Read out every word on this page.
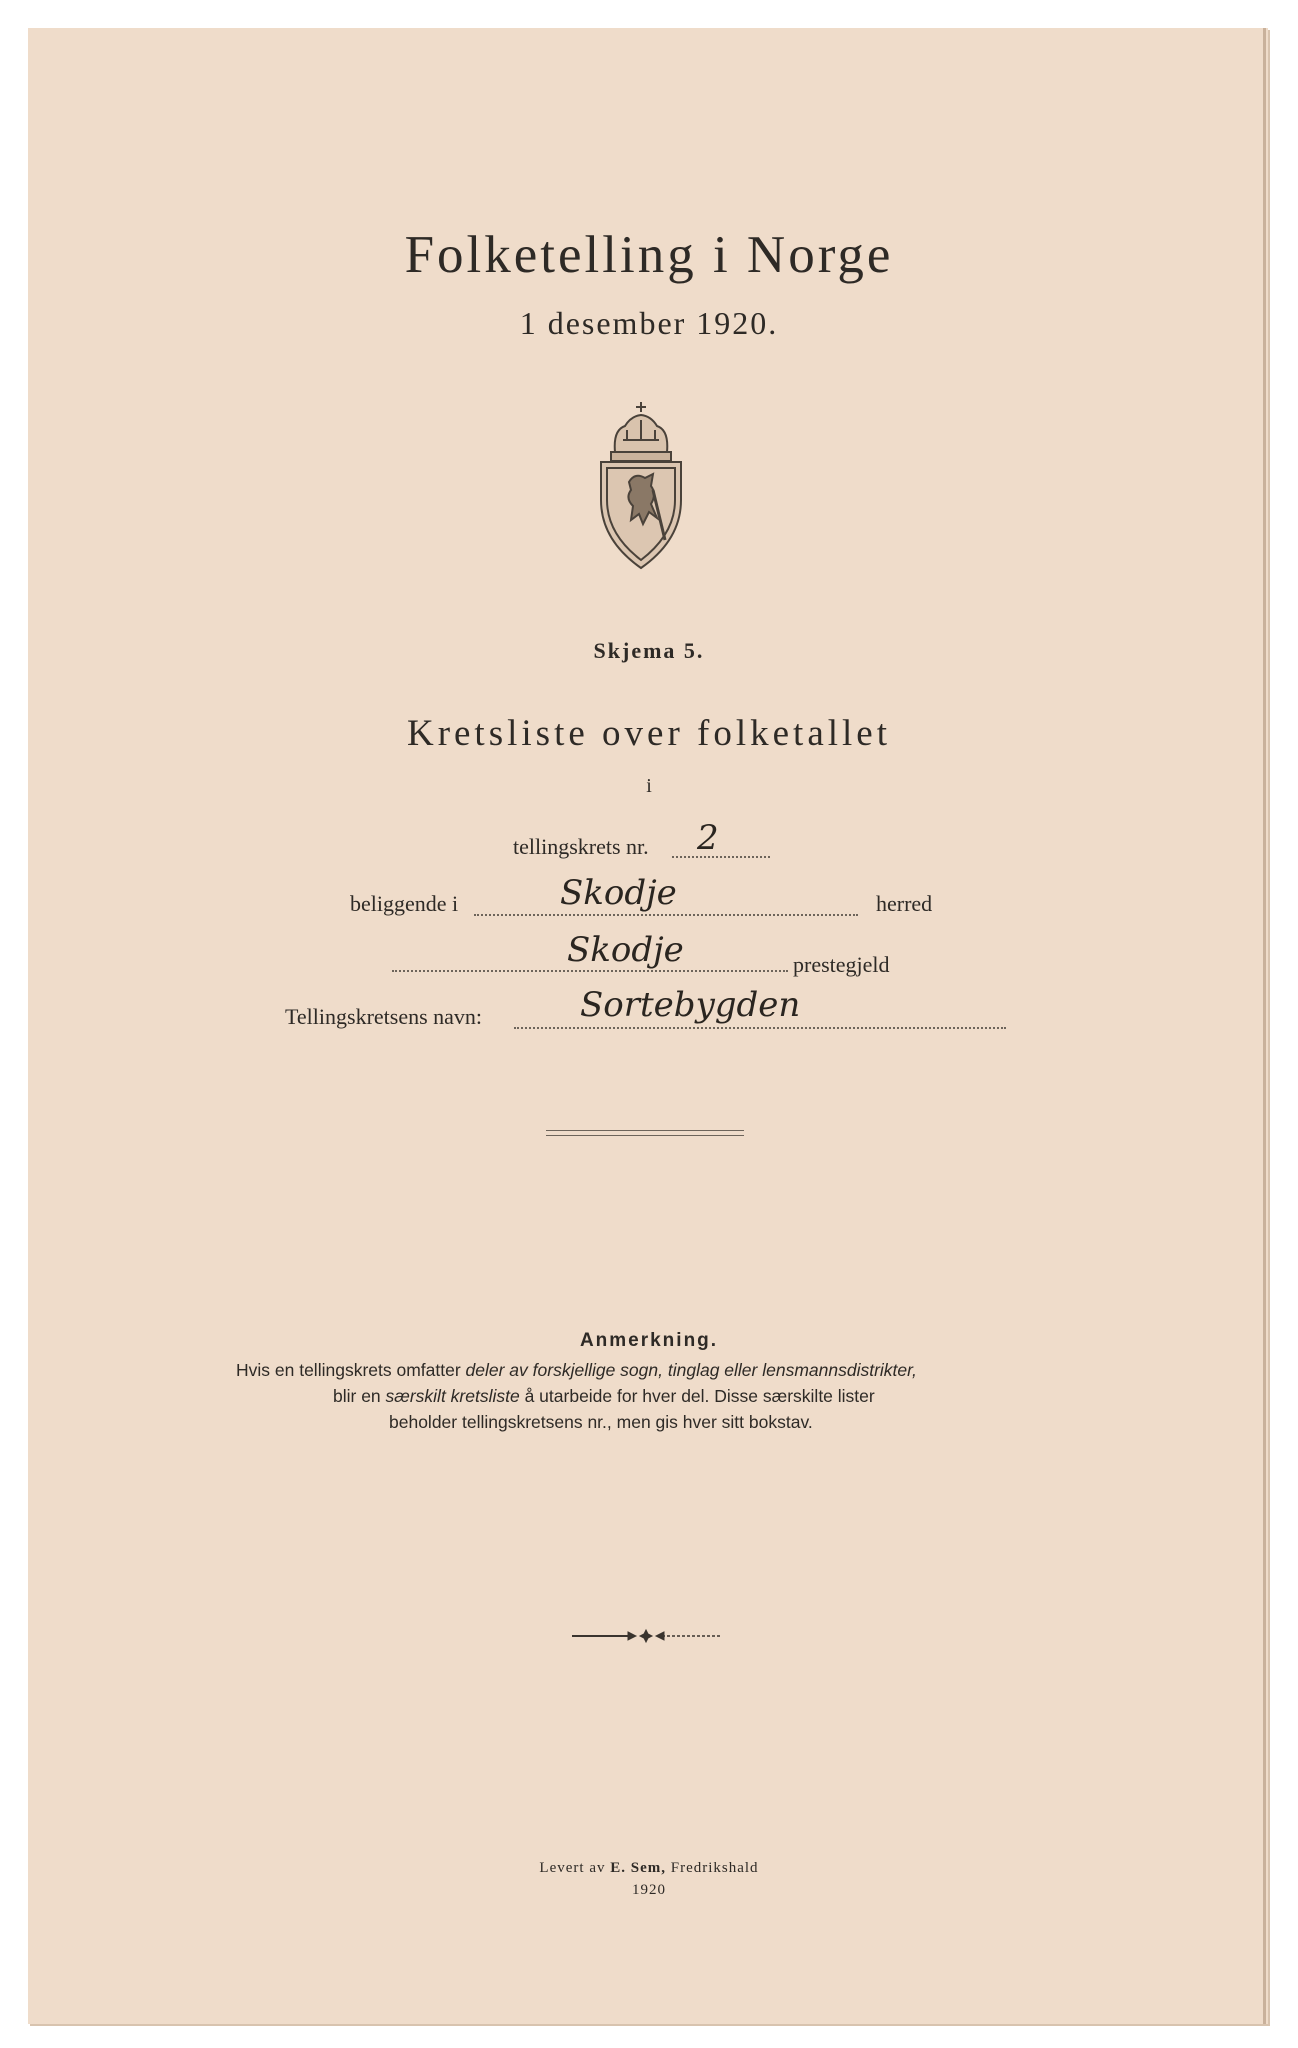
Folketelling i Norge
1 desember 1920.
Skjema 5.
Kretsliste over folketallet
i
tellingskrets nr. 2
beliggende i	Skodje	herred
Skodje	prestegjeld
Tellingskretsens navn:	Sortebygden
Anmerkning.
Hvis en tellingskrets omfatter deler av forskjellige sogn, tinglag eller lensmannsdistrikter,
blir en særskilt kretsliste å utarbeide for hver del. Disse særskilte lister
beholder tellingskretsens nr., men gis hver sitt bokstav.
Levert av E. Sem, Fredrikshald
1920
